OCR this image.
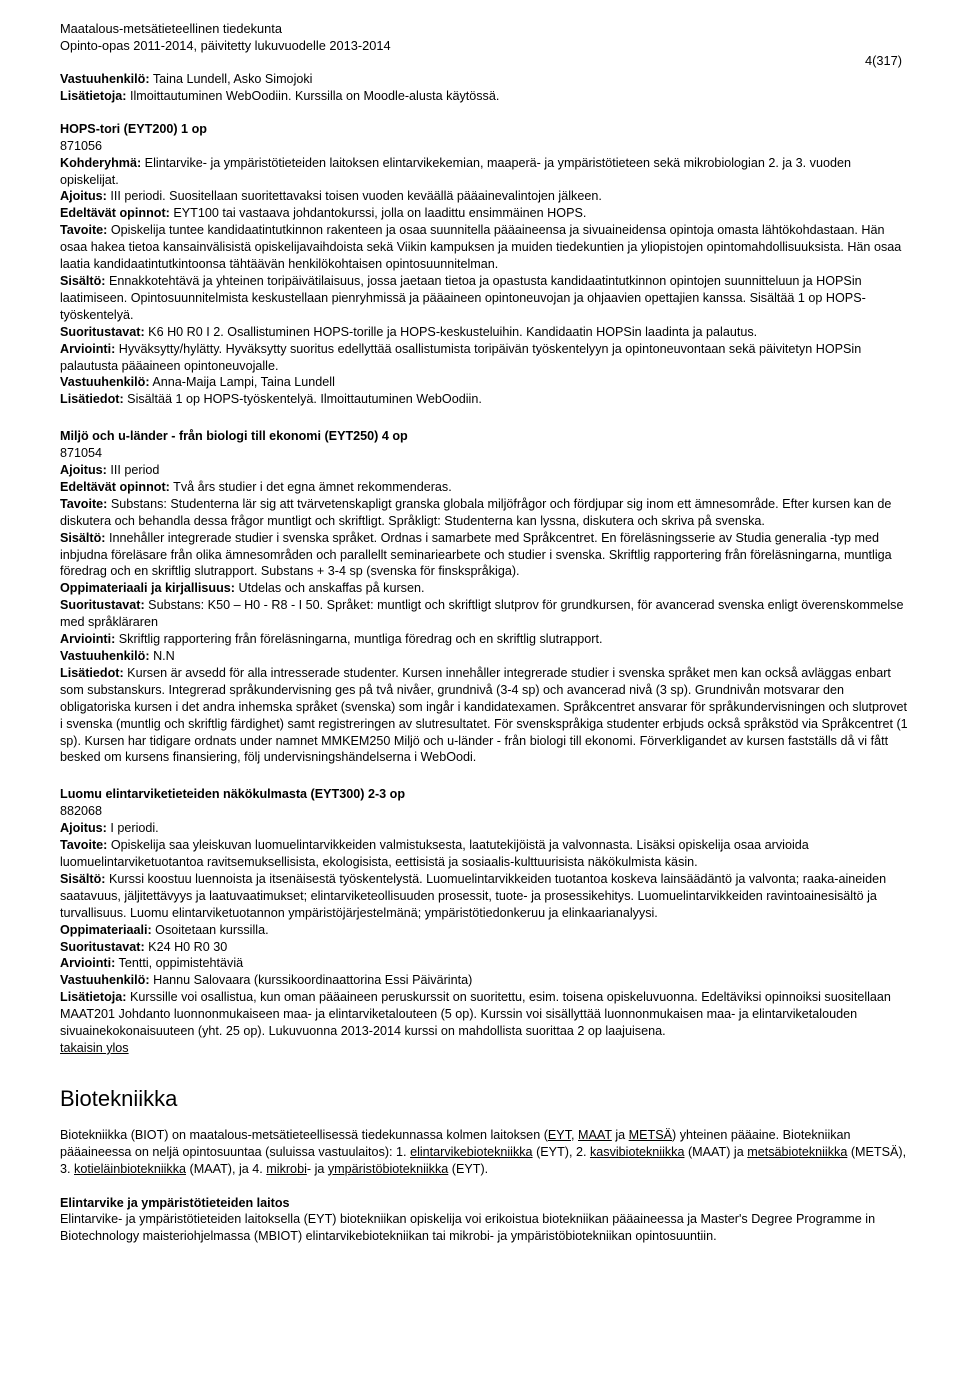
4(317)
Maatalous-metsätieteellinen tiedekunta
Opinto-opas 2011-2014, päivitetty lukuvuodelle 2013-2014

Vastuuhenkilö: Taina Lundell, Asko Simojoki

Lisätietoja: Ilmoittautuminen WebOodiin. Kurssilla on Moodle-alusta käytössä.

HOPS-tori (EYT200) 1 op

871056

Kohderyhmä: Elintarvike- ja ympäristötieteiden laitoksen elintarvikekemian, maaperä- ja ympäristötieteen sekä mikrobiologian 2. ja 3. vuoden opiskelijat.

Ajoitus: III periodi. Suositellaan suoritettavaksi toisen vuoden keväällä pääainevalintojen jälkeen.

Edeltävät opinnot: EYT100 tai vastaava johdantokurssi, jolla on laadittu ensimmäinen HOPS.

Tavoite: Opiskelija tuntee kandidaatintutkinnon rakenteen ja osaa suunnitella pääaineensa ja sivuaineidensa opintoja omasta lähtökohdastaan. Hän osaa hakea tietoa kansainvälisistä opiskelijavaihdoista sekä Viikin kampuksen ja muiden tiedekuntien ja yliopistojen opintomahdollisuuksista. Hän osaa laatia kandidaatintutkintoonsa tähtäävän henkilökohtaisen opintosuunnitelman.

Sisältö: Ennakkotehtävä ja yhteinen toripäivätilaisuus, jossa jaetaan tietoa ja opastusta kandidaatintutkinnon opintojen suunnitteluun ja HOPSin laatimiseen. Opintosuunnitelmista keskustellaan pienryhmissä ja pääaineen opintoneuvojan ja ohjaavien opettajien kanssa. Sisältää 1 op HOPS-työskentelyä.

Suoritustavat: K6 H0 R0 I 2. Osallistuminen HOPS-torille ja HOPS-keskusteluihin. Kandidaatin HOPSin laadinta ja palautus.

Arviointi: Hyväksytty/hylätty. Hyväksytty suoritus edellyttää osallistumista toripäivän työskentelyyn ja opintoneuvontaan sekä päivitetyn HOPSin palautusta pääaineen opintoneuvojalle.

Vastuuhenkilö: Anna-Maija Lampi, Taina Lundell

Lisätiedot: Sisältää 1 op HOPS-työskentelyä. Ilmoittautuminen WebOodiin.

Miljö och u-länder - från biologi till ekonomi (EYT250) 4 op

871054

Ajoitus: III period

Edeltävät opinnot: Två års studier i det egna ämnet rekommenderas.

Tavoite: Substans: Studenterna lär sig att tvärvetenskapligt granska globala miljöfrågor och fördjupar sig inom ett ämnesområde. Efter kursen kan de diskutera och behandla dessa frågor muntligt och skriftligt. Språkligt: Studenterna kan lyssna, diskutera och skriva på svenska.

Sisältö: Innehåller integrerade studier i svenska språket. Ordnas i samarbete med Språkcentret. En föreläsningsserie av Studia generalia -typ med inbjudna föreläsare från olika ämnesområden och parallellt seminariearbete och studier i svenska. Skriftlig rapportering från föreläsningarna, muntliga föredrag och en skriftlig slutrapport. Substans + 3-4 sp (svenska för finskspråkiga).

Oppimateriaali ja kirjallisuus: Utdelas och anskaffas på kursen.

Suoritustavat: Substans: K50 – H0 - R8 - I 50. Språket: muntligt och skriftligt slutprov för grundkursen, för avancerad svenska enligt överenskommelse med språkläraren

Arviointi: Skriftlig rapportering från föreläsningarna, muntliga föredrag och en skriftlig slutrapport.

Vastuuhenkilö: N.N

Lisätiedot: Kursen är avsedd för alla intresserade studenter. Kursen innehåller integrerade studier i svenska språket men kan också avläggas enbart som substanskurs. Integrerad språkundervisning ges på två nivåer, grundnivå (3-4 sp) och avancerad nivå (3 sp). Grundnivån motsvarar den obligatoriska kursen i det andra inhemska språket (svenska) som ingår i kandidatexamen. Språkcentret ansvarar för språkundervisningen och slutprovet i svenska (muntlig och skriftlig färdighet) samt registreringen av slutresultatet. För svenskspråkiga studenter erbjuds också språkstöd via Språkcentret (1 sp). Kursen har tidigare ordnats under namnet MMKEM250 Miljö och u-länder - från biologi till ekonomi. Förverkligandet av kursen fastställs då vi fått besked om kursens finansiering, följ undervisningshändelserna i WebOodi.

Luomu elintarviketieteiden näkökulmasta (EYT300) 2-3 op

882068

Ajoitus: I periodi.

Tavoite: Opiskelija saa yleiskuvan luomuelintarvikkeiden valmistuksesta, laatutekijöistä ja valvonnasta. Lisäksi opiskelija osaa arvioida luomuelintarviketuotantoa ravitsemuksellisista, ekologisista, eettisistä ja sosiaalis-kulttuurisista näkökulmista käsin.

Sisältö: Kurssi koostuu luennoista ja itsenäisestä työskentelystä. Luomuelintarvikkeiden tuotantoa koskeva lainsäädäntö ja valvonta; raaka-aineiden saatavuus, jäljitettävyys ja laatuvaatimukset; elintarviketeollisuuden prosessit, tuote- ja prosessikehitys. Luomuelintarvikkeiden ravintoainesisältö ja turvallisuus. Luomu elintarviketuotannon ympäristöjärjestelmänä; ympäristötiedonkeruu ja elinkaarianalyysi.

Oppimateriaali: Osoitetaan kurssilla.

Suoritustavat: K24 H0 R0 30

Arviointi: Tentti, oppimistehtäviä

Vastuuhenkilö: Hannu Salovaara (kurssikoordinaattorina Essi Päivärinta)

Lisätietoja: Kurssille voi osallistua, kun oman pääaineen peruskurssit on suoritettu, esim. toisena opiskeluvuonna. Edeltäviksi opinnoiksi suositellaan MAAT201 Johdanto luonnonmukaiseen maa- ja elintarviketalouteen (5 op). Kurssin voi sisällyttää luonnonmukaisen maa- ja elintarviketalouden sivuainekokonaisuuteen (yht. 25 op). Lukuvuonna 2013-2014 kurssi on mahdollista suorittaa 2 op laajuisena.

takaisin ylos

Biotekniikka

Biotekniikka (BIOT) on maatalous-metsätieteellisessä tiedekunnassa kolmen laitoksen (EYT, MAAT ja METSÄ) yhteinen pääaine. Biotekniikan pääaineessa on neljä opintosuuntaa (suluissa vastuulaitos): 1. elintarvikebiotekniikka (EYT), 2. kasvibiotekniikka (MAAT) ja metsäbiotekniikka (METSÄ), 3. kotieläinbiotekniikka (MAAT), ja 4. mikrobi- ja ympäristöbiotekniikka (EYT).

Elintarvike ja ympäristötieteiden laitos

Elintarvike- ja ympäristötieteiden laitoksella (EYT) biotekniikan opiskelija voi erikoistua biotekniikan pääaineessa ja Master's Degree Programme in Biotechnology maisteriohjelmassa (MBIOT) elintarvikebiotekniikan tai mikrobi- ja ympäristöbiotekniikan opintosuuntiin.
